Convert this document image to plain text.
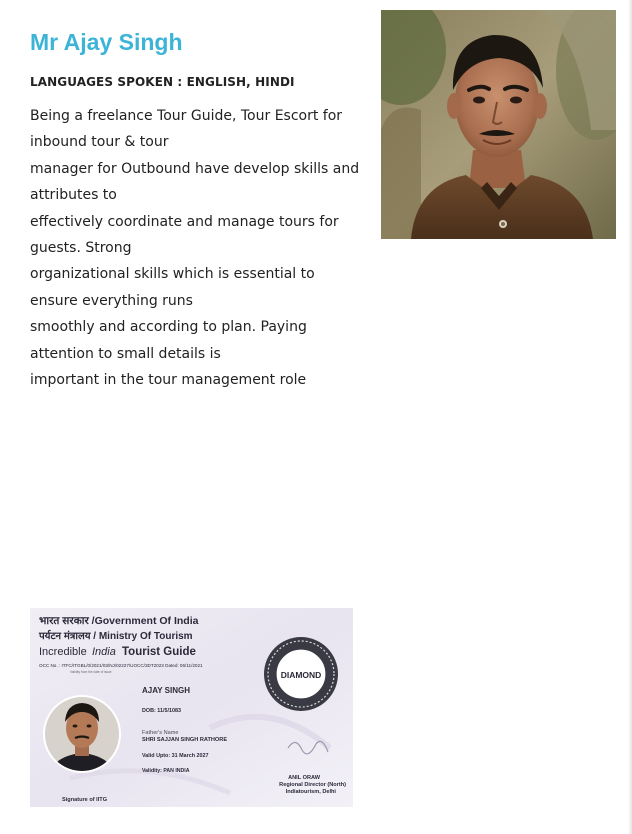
Mr Ajay Singh
LANGUAGES SPOKEN : ENGLISH, HINDI
Being a freelance Tour Guide, Tour Escort for
inbound tour & tour
manager for Outbound have develop skills and
attributes to
effectively coordinate and manage tours for
guests. Strong
organizational skills which is essential to
ensure everything runs
smoothly and according to plan. Paying
attention to small details is
important in the tour management role
भारत सरकार /Government Of India
पर्यटन मंत्रालय / Ministry Of Tourism
Incredible India Tourist Guide
OCC No. : ITFC/ITGBL/0/2021/03/NJ/02227/UOCC/3DT2023 Dated: 06/11/2021
Validity from the date of issue	DIAMOND
AJAY SINGH
DOB: 11/5/1083
Father's Name
SHRI SAJJAN SINGH RATHORE
Valid Upto: 31 March 2027
Validity: PAN INDIA
ANIL ORAW
Regional Director (North)
Indiatourism, Delhi
Signature of IITG
